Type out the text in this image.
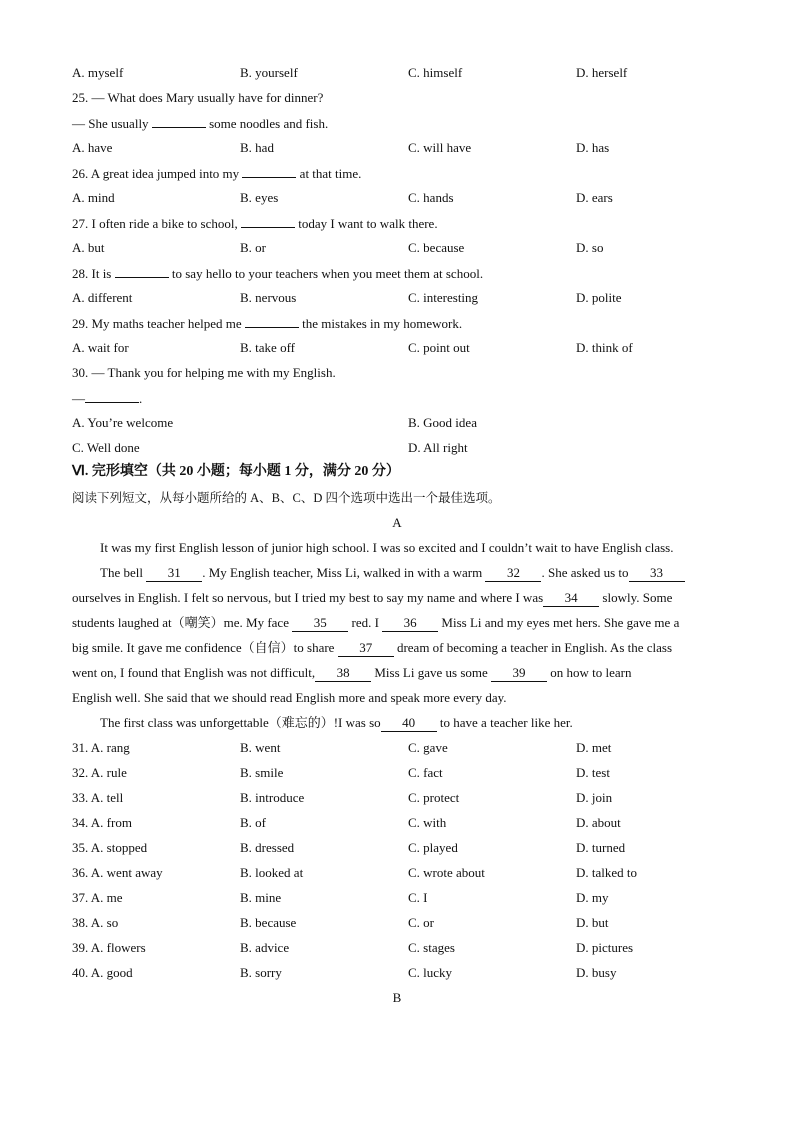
A. myself	B. yourself	C. himself	D. herself
25. — What does Mary usually have for dinner?
— She usually	some noodles and fish.
A. have	B. had	C. will have	D. has
26. A great idea jumped into my	at that time.
A. mind	B. eyes	C. hands	D. ears
27. I often ride a bike to school,	today I want to walk there.
A. but	B. or	C. because	D. so
28. It is	to say hello to your teachers when you meet them at school.
A. different	B. nervous	C. interesting	D. polite
29. My maths teacher helped me	the mistakes in my homework.
A. wait for	B. take off	C. point out	D. think of
30. — Thank you for helping me with my English.
—	.
A. You’re welcome	B. Good idea
C. Well done	D. All right
Ⅵ. 完形填空（共 20 小题；每小题 1 分，满分 20 分）
阅读下列短文，从每小题所给的 A、B、C、D 四个选项中选出一个最佳选项。
A
It was my first English lesson of junior high school. I was so excited and I couldn’t wait to have English class.
The bell 31 . My English teacher, Miss Li, walked in with a warm 32 . She asked us to 33
ourselves in English. I felt so nervous, but I tried my best to say my name and where I was 34 slowly. Some
students laughed at（嘲笑）me. My face 35 red. I 36 Miss Li and my eyes met hers. She gave me a
big smile. It gave me confidence（自信）to share 37 dream of becoming a teacher in English. As the class
went on, I found that English was not difficult, 38 Miss Li gave us some 39 on how to learn
English well. She said that we should read English more and speak more every day.
The first class was unforgettable（难忘的）!I was so 40 to have a teacher like her.
31. A. rang	B. went	C. gave	D. met
32. A. rule	B. smile	C. fact	D. test
33. A. tell	B. introduce	C. protect	D. join
34. A. from	B. of	C. with	D. about
35. A. stopped	B. dressed	C. played	D. turned
36. A. went away	B. looked at	C. wrote about	D. talked to
37. A. me	B. mine	C. I	D. my
38. A. so	B. because	C. or	D. but
39. A. flowers	B. advice	C. stages	D. pictures
40. A. good	B. sorry	C. lucky	D. busy
B
